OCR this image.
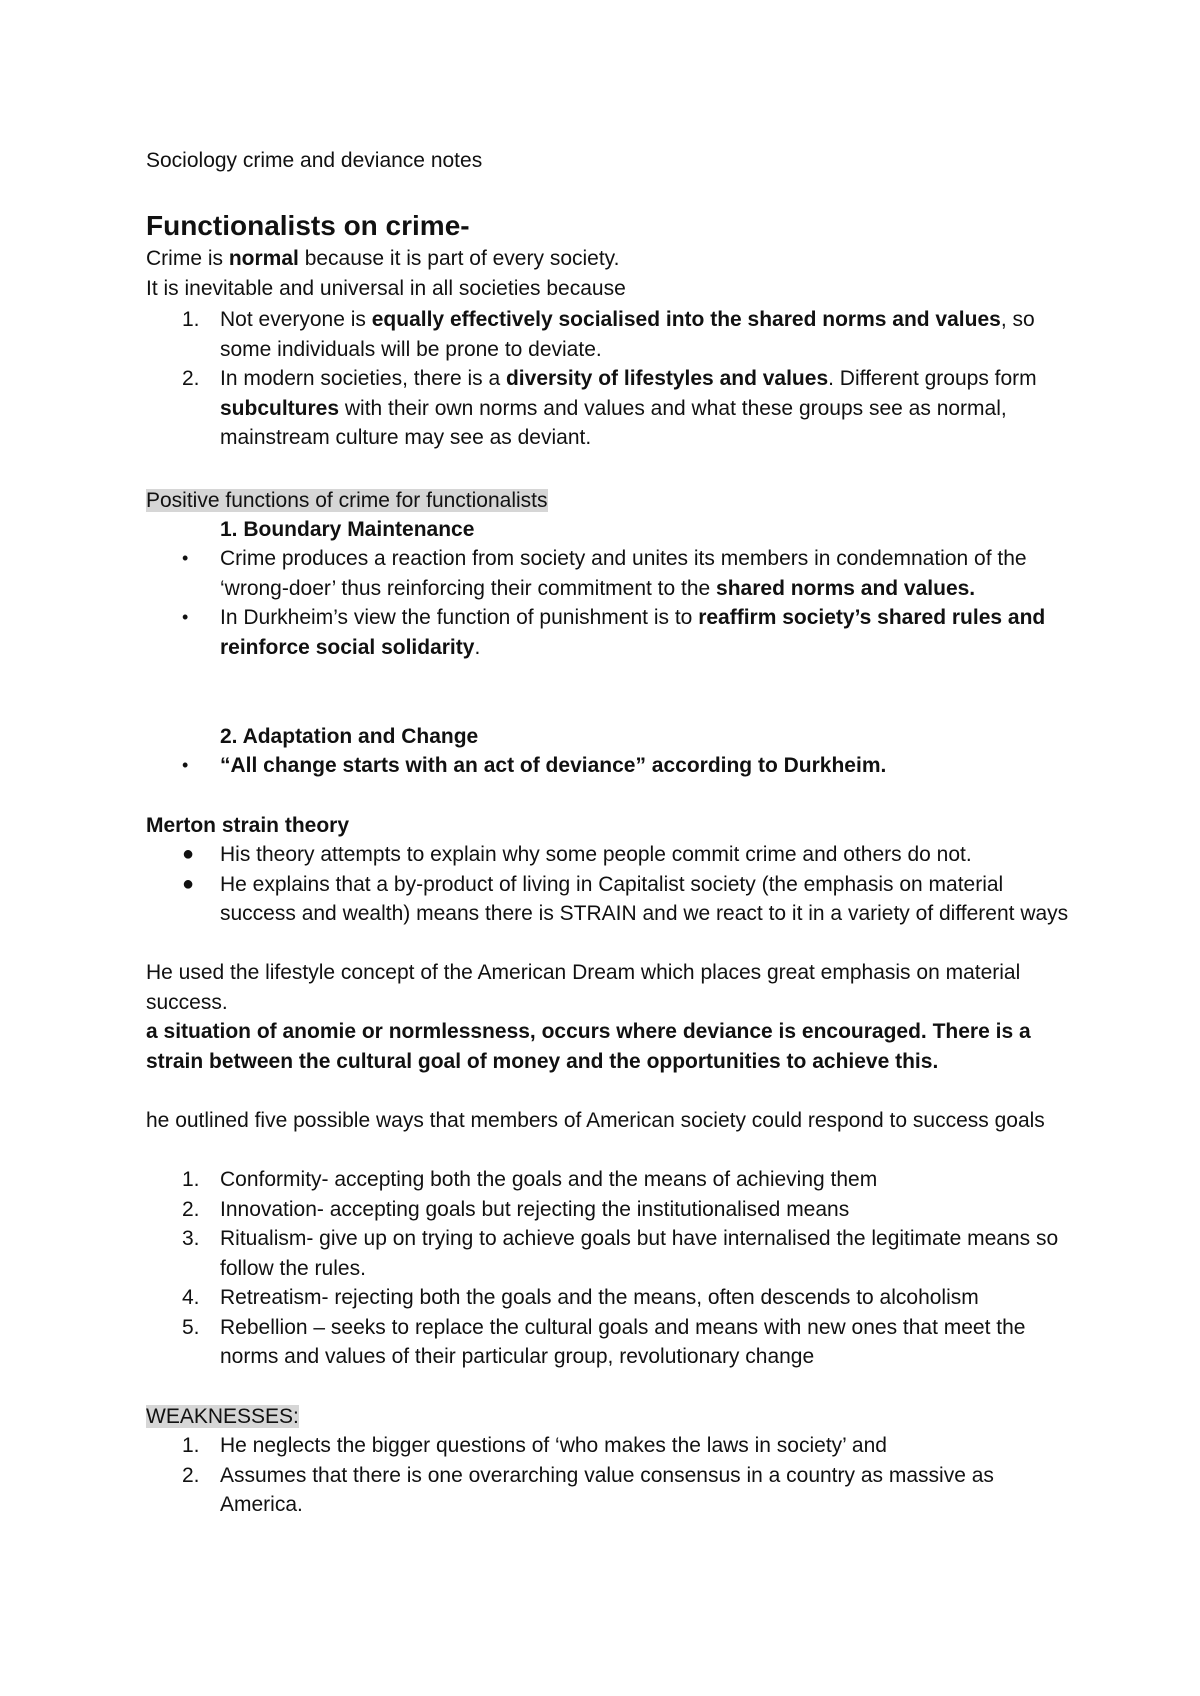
Sociology crime and deviance notes
Functionalists on crime-
Crime is normal because it is part of every society.
It is inevitable and universal in all societies because
1. Not everyone is equally effectively socialised into the shared norms and values, so some individuals will be prone to deviate.
2. In modern societies, there is a diversity of lifestyles and values. Different groups form subcultures with their own norms and values and what these groups see as normal, mainstream culture may see as deviant.
Positive functions of crime for functionalists
1. Boundary Maintenance
•	Crime produces a reaction from society and unites its members in condemnation of the ‘wrong-doer’ thus reinforcing their commitment to the shared norms and values.
•	In Durkheim’s view the function of punishment is to reaffirm society’s shared rules and reinforce social solidarity.
2. Adaptation and Change
•	“All change starts with an act of deviance” according to Durkheim.
Merton strain theory
●	His theory attempts to explain why some people commit crime and others do not.
●	He explains that a by-product of living in Capitalist society (the emphasis on material success and wealth) means there is STRAIN and we react to it in a variety of different ways
He used the lifestyle concept of the American Dream which places great emphasis on material success.
a situation of anomie or normlessness, occurs where deviance is encouraged. There is a strain between the cultural goal of money and the opportunities to achieve this.
he outlined five possible ways that members of American society could respond to success goals
1. Conformity- accepting both the goals and the means of achieving them
2. Innovation- accepting goals but rejecting the institutionalised means
3. Ritualism- give up on trying to achieve goals but have internalised the legitimate means so follow the rules.
4. Retreatism- rejecting both the goals and the means, often descends to alcoholism
5. Rebellion – seeks to replace the cultural goals and means with new ones that meet the norms and values of their particular group, revolutionary change
WEAKNESSES:
1. He neglects the bigger questions of ‘who makes the laws in society’ and
2. Assumes that there is one overarching value consensus in a country as massive as America.
